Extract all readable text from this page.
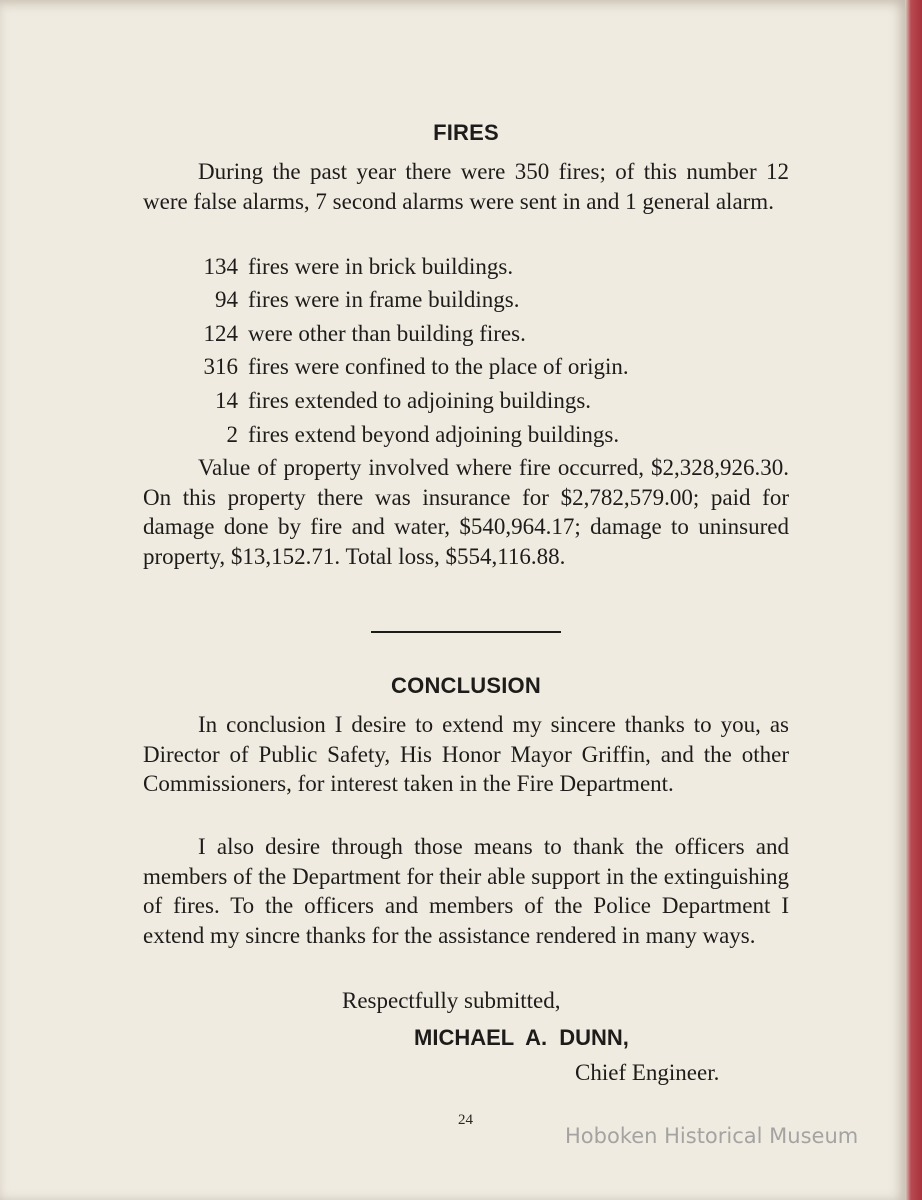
FIRES
During the past year there were 350 fires; of this number 12 were false alarms, 7 second alarms were sent in and 1 general alarm.
134 fires were in brick buildings.
94 fires were in frame buildings.
124 were other than building fires.
316 fires were confined to the place of origin.
14 fires extended to adjoining buildings.
2 fires extend beyond adjoining buildings.
Value of property involved where fire occurred, $2,328,926.30. On this property there was insurance for $2,782,579.00; paid for damage done by fire and water, $540,964.17; damage to uninsured property, $13,152.71. Total loss, $554,116.88.
CONCLUSION
In conclusion I desire to extend my sincere thanks to you, as Director of Public Safety, His Honor Mayor Griffin, and the other Commissioners, for interest taken in the Fire Department.
I also desire through those means to thank the officers and members of the Department for their able support in the extinguishing of fires. To the officers and members of the Police Department I extend my sincre thanks for the assistance rendered in many ways.
Respectfully submitted,
MICHAEL A. DUNN,
Chief Engineer.
24
Hoboken Historical Museum
